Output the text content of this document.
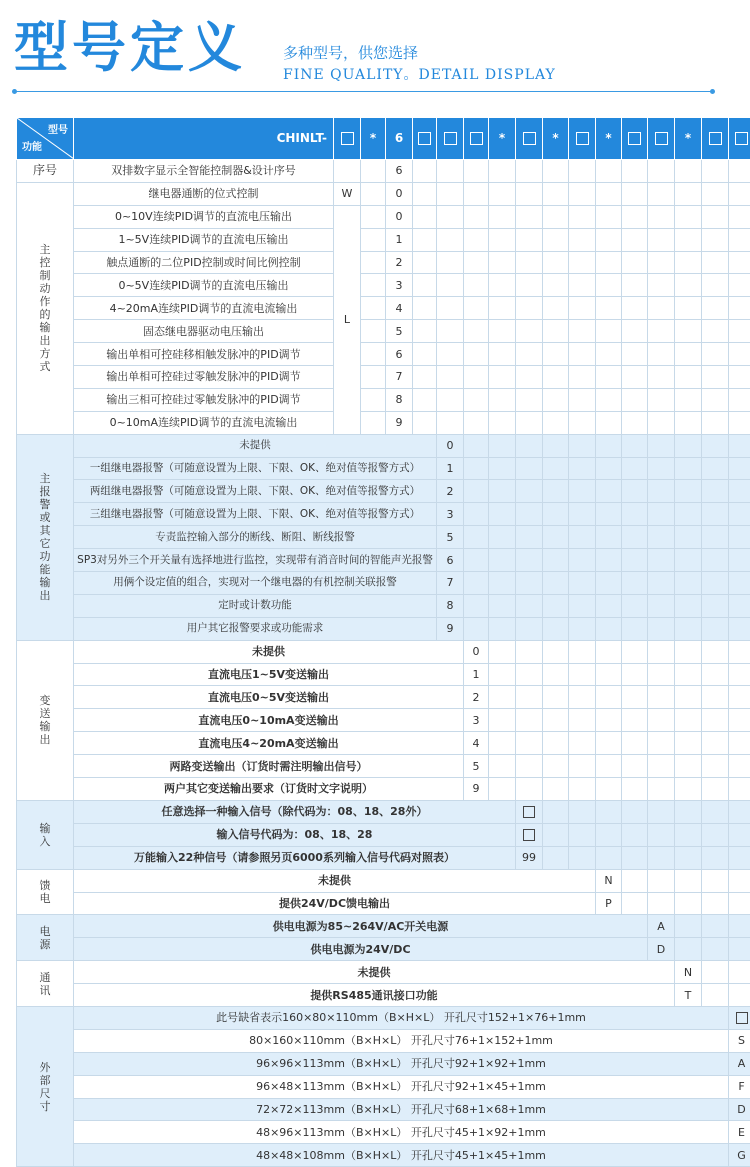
型号定义 多种型号，供您选择
FINE QUALITY。DETAIL DISPLAY
型号
功能	CHINLT-		*	6				*		*		*			*		
序号	双排数字显示全智能控制器&设计序号			6													
主控制动作的输出方式	继电器通断的位式控制	W		0													
	0~10V连续PID调节的直流电压输出	L		0													
	1~5V连续PID调节的直流电压输出			1													
	触点通断的二位PID控制或时间比例控制			2													
	0~5V连续PID调节的直流电压输出			3													
	4~20mA连续PID调节的直流电流输出			4													
	固态继电器驱动电压输出			5													
	输出单相可控硅移相触发脉冲的PID调节			6													
	输出单相可控硅过零触发脉冲的PID调节			7													
	输出三相可控硅过零触发脉冲的PID调节			8													
	0~10mA连续PID调节的直流电流输出			9													
主报警或其它功能输出	未提供					0											
	一组继电器报警（可随意设置为上限、下限、OK、绝对值等报警方式）					1											
	两组继电器报警（可随意设置为上限、下限、OK、绝对值等报警方式）					2											
	三组继电器报警（可随意设置为上限、下限、OK、绝对值等报警方式）					3											
	专责监控输入部分的断线、断阻、断线报警					5											
	SP3对另外三个开关量有选择地进行监控，实现带有消音时间的智能声光报警					6											
	用俩个设定值的组合，实现对一个继电器的有机控制关联报警					7											
	定时或计数功能					8											
	用户其它报警要求或功能需求					9											
变送输出	未提供						0										
	直流电压1~5V变送输出						1										
	直流电压0~5V变送输出						2										
	直流电压0~10mA变送输出						3										
	直流电压4~20mA变送输出						4										
	两路变送输出（订货时需注明输出信号）						5										
	两户其它变送输出要求（订货时文字说明）						9										
输入	任意选择一种输入信号（除代码为：08、18、28外）																
	输入信号代码为：08、18、28																
	万能输入22种信号（请参照另页6000系列输入信号代码对照表）								99								
馈电	未提供											N					
	提供24V/DC馈电输出											P					
电源	供电电源为85~264V/AC开关电源													A			
	供电电源为24V/DC													D			
通讯	未提供														N		
	提供RS485通讯接口功能														T		
外部尺寸	此号缺省表示160×80×110mm（B×H×L） 开孔尺寸152+1×76+1mm																
	80×160×110mm（B×H×L） 开孔尺寸76+1×152+1mm																S
	96×96×113mm（B×H×L） 开孔尺寸92+1×92+1mm																A
	96×48×113mm（B×H×L） 开孔尺寸92+1×45+1mm																F
	72×72×113mm（B×H×L） 开孔尺寸68+1×68+1mm																D
	48×96×113mm（B×H×L） 开孔尺寸45+1×92+1mm																E
	48×48×108mm（B×H×L） 开孔尺寸45+1×45+1mm																G
